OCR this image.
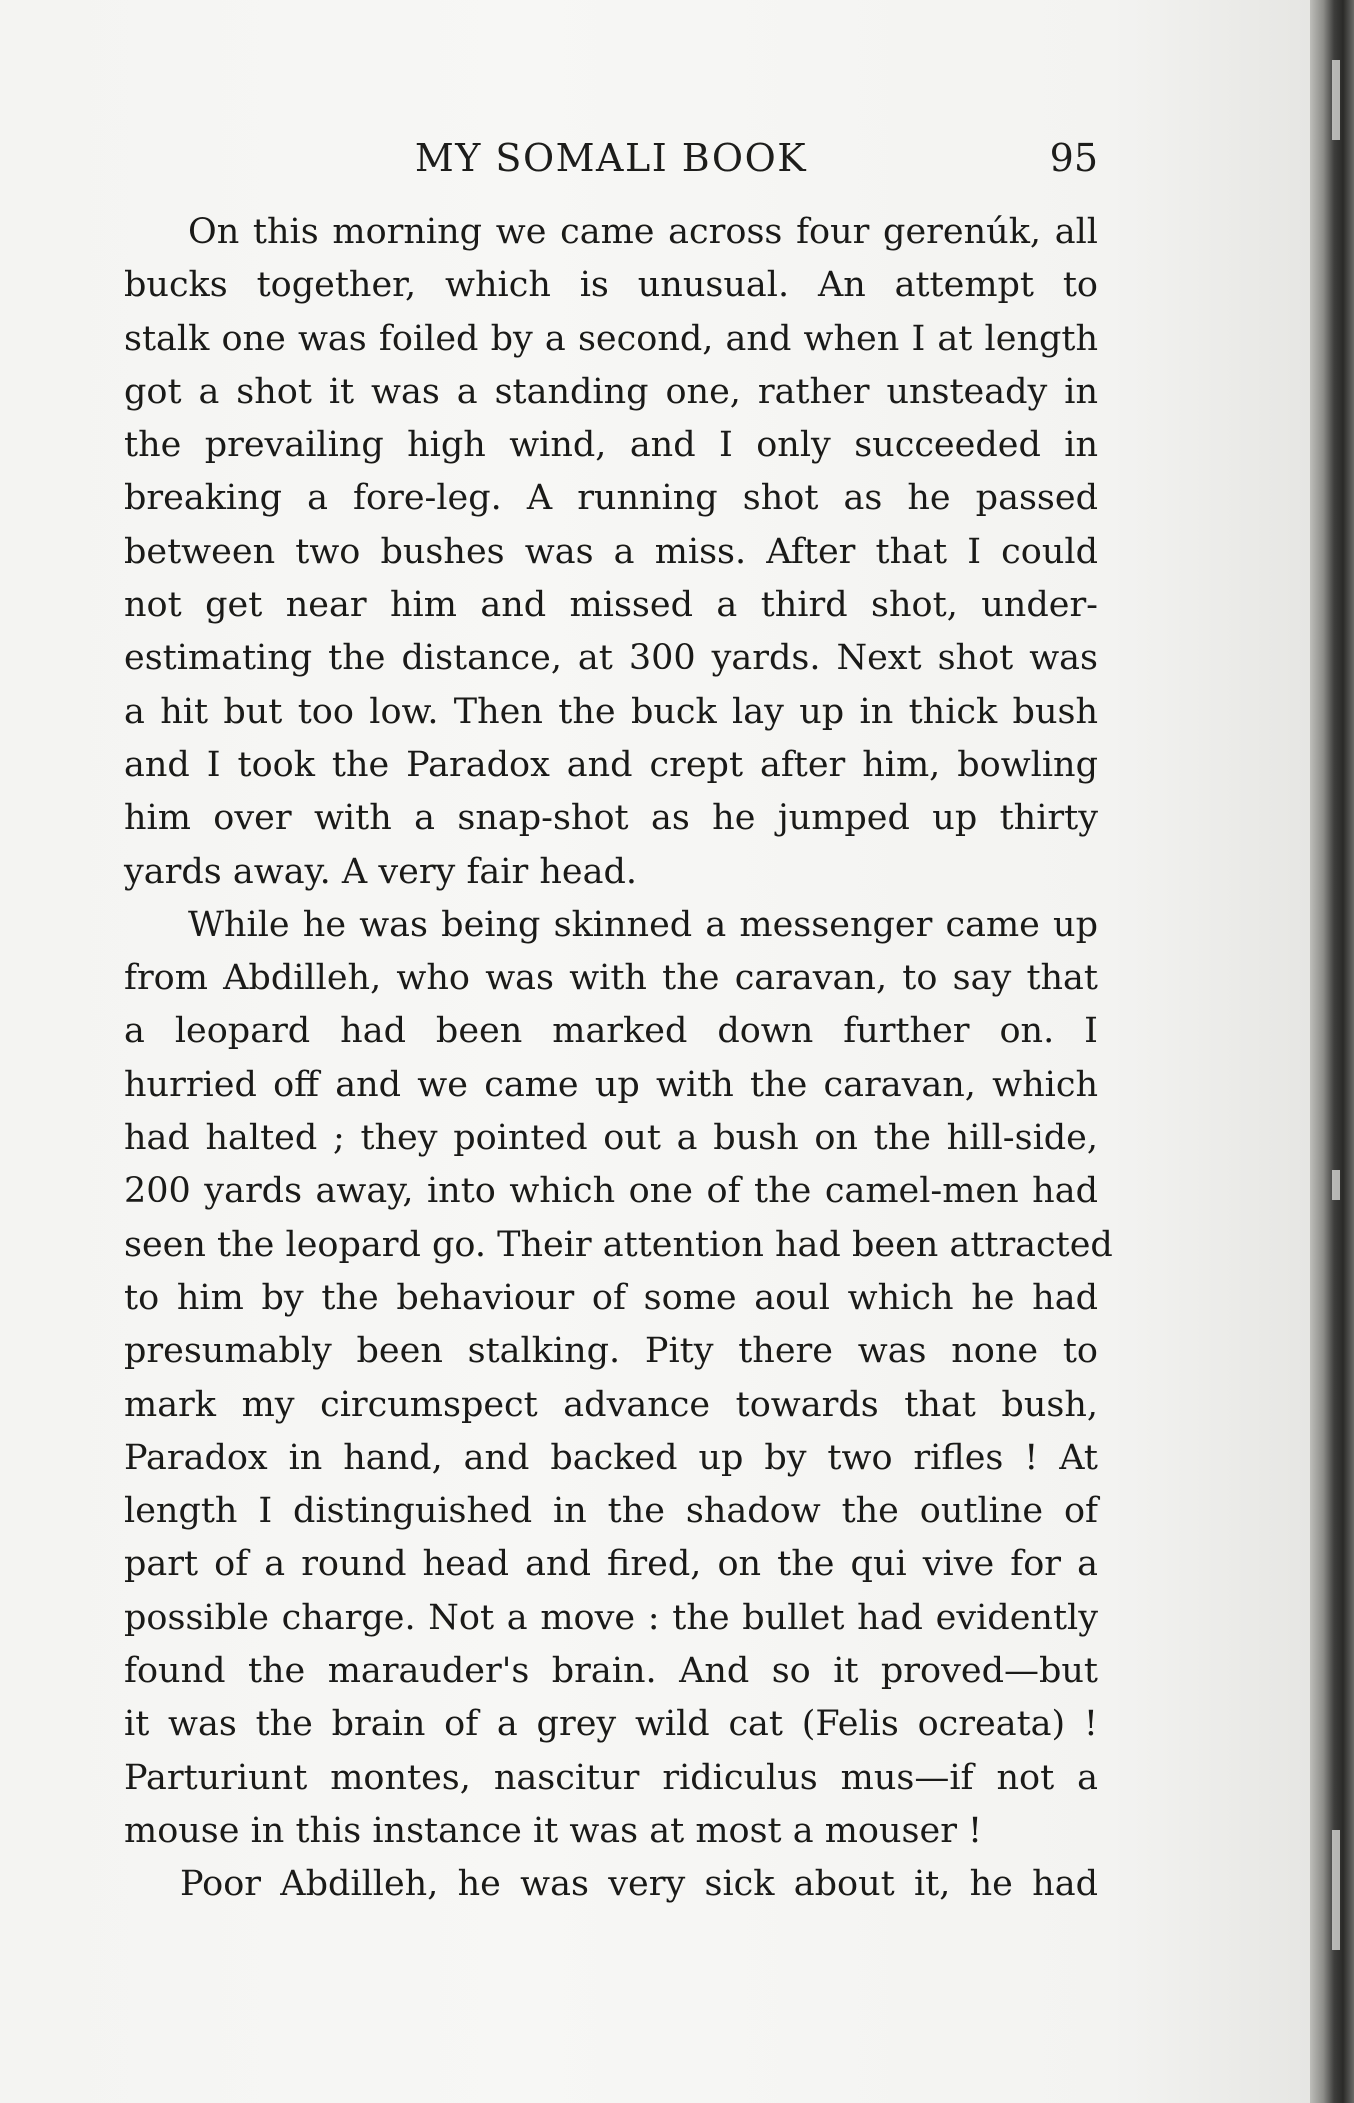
MY SOMALI BOOK	95
On this morning we came across four gerenúk, all
bucks together, which is unusual. An attempt to
stalk one was foiled by a second, and when I at length
got a shot it was a standing one, rather unsteady in
the prevailing high wind, and I only succeeded in
breaking a fore-leg. A running shot as he passed
between two bushes was a miss. After that I could
not get near him and missed a third shot, under-
estimating the distance, at 300 yards. Next shot was
a hit but too low. Then the buck lay up in thick bush
and I took the Paradox and crept after him, bowling
him over with a snap-shot as he jumped up thirty
yards away. A very fair head.
While he was being skinned a messenger came up
from Abdilleh, who was with the caravan, to say that
a leopard had been marked down further on. I
hurried off and we came up with the caravan, which
had halted ; they pointed out a bush on the hill-side,
200 yards away, into which one of the camel-men had
seen the leopard go. Their attention had been attracted
to him by the behaviour of some aoul which he had
presumably been stalking. Pity there was none to
mark my circumspect advance towards that bush,
Paradox in hand, and backed up by two rifles ! At
length I distinguished in the shadow the outline of
part of a round head and fired, on the qui vive for a
possible charge. Not a move : the bullet had evidently
found the marauder's brain. And so it proved—but
it was the brain of a grey wild cat (Felis ocreata) !
Parturiunt montes, nascitur ridiculus mus—if not a
mouse in this instance it was at most a mouser !
Poor Abdilleh, he was very sick about it, he had
